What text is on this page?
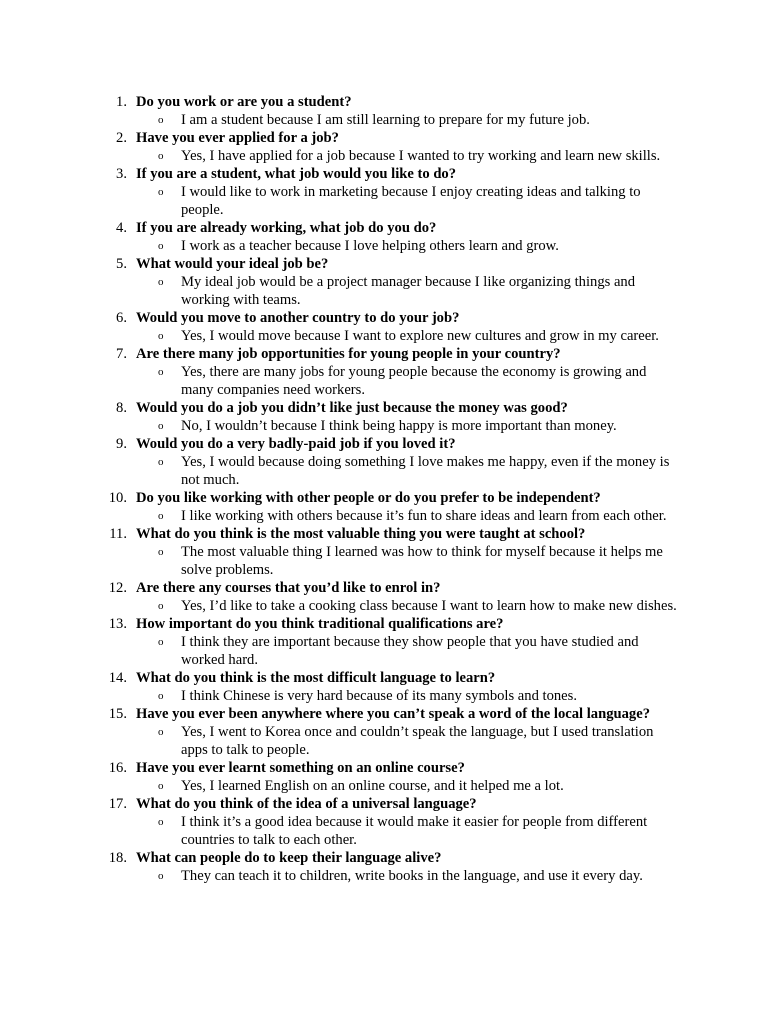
1. Do you work or are you a student?
o I am a student because I am still learning to prepare for my future job.
2. Have you ever applied for a job?
o Yes, I have applied for a job because I wanted to try working and learn new skills.
3. If you are a student, what job would you like to do?
o I would like to work in marketing because I enjoy creating ideas and talking to people.
4. If you are already working, what job do you do?
o I work as a teacher because I love helping others learn and grow.
5. What would your ideal job be?
o My ideal job would be a project manager because I like organizing things and working with teams.
6. Would you move to another country to do your job?
o Yes, I would move because I want to explore new cultures and grow in my career.
7. Are there many job opportunities for young people in your country?
o Yes, there are many jobs for young people because the economy is growing and many companies need workers.
8. Would you do a job you didn’t like just because the money was good?
o No, I wouldn’t because I think being happy is more important than money.
9. Would you do a very badly-paid job if you loved it?
o Yes, I would because doing something I love makes me happy, even if the money is not much.
10. Do you like working with other people or do you prefer to be independent?
o I like working with others because it’s fun to share ideas and learn from each other.
11. What do you think is the most valuable thing you were taught at school?
o The most valuable thing I learned was how to think for myself because it helps me solve problems.
12. Are there any courses that you’d like to enrol in?
o Yes, I’d like to take a cooking class because I want to learn how to make new dishes.
13. How important do you think traditional qualifications are?
o I think they are important because they show people that you have studied and worked hard.
14. What do you think is the most difficult language to learn?
o I think Chinese is very hard because of its many symbols and tones.
15. Have you ever been anywhere where you can’t speak a word of the local language?
o Yes, I went to Korea once and couldn’t speak the language, but I used translation apps to talk to people.
16. Have you ever learnt something on an online course?
o Yes, I learned English on an online course, and it helped me a lot.
17. What do you think of the idea of a universal language?
o I think it’s a good idea because it would make it easier for people from different countries to talk to each other.
18. What can people do to keep their language alive?
o They can teach it to children, write books in the language, and use it every day.
